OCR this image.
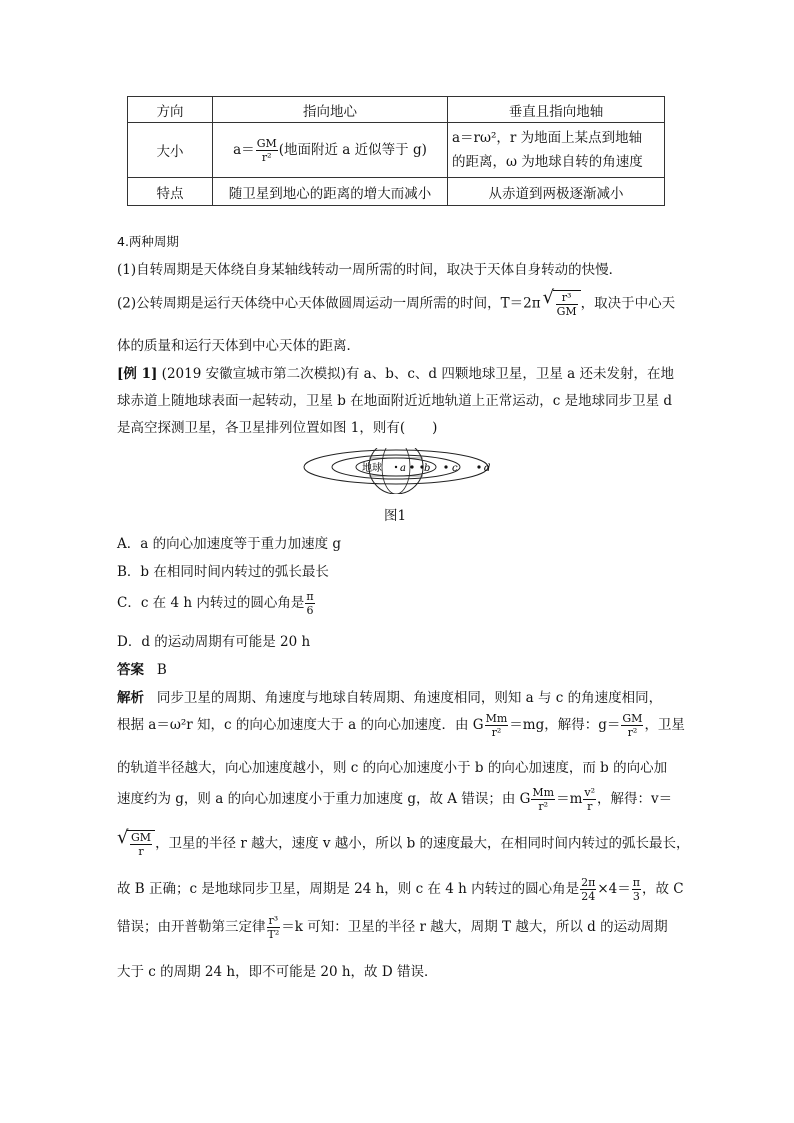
方向	指向地心	垂直且指向地轴
大小	$a= \frac{GM}{\text{r²}}$ (地面附近 a 近似等于 g)	a＝rω²，r 为地面上某点到地轴
的距离，ω 为地球自转的角速度
特点	随卫星到地心的距离的增大而减小	从赤道到两极逐渐减小
4.两种周期
(1)自转周期是天体绕自身某轴线转动一周所需的时间，取决于天体自身转动的快慢．
(2)公转周期是运行天体绕中心天体做圆周运动一周所需的时间，T＝2π √ $\frac{\text{r³}}{GM}$ ，取决于中心天
体的质量和运行天体到中心天体的距离．
[例 1] (2019 安徽宣城市第二次模拟)有 a、b、c、d 四颗地球卫星，卫星 a 还未发射，在地
球赤道上随地球表面一起转动，卫星 b 在地面附近近地轨道上正常运动，c 是地球同步卫星 d
是高空探测卫星，各卫星排列位置如图 1，则有(　　)
地球 a b c	d
图1
A．a 的向心加速度等于重力加速度 g
B．b 在相同时间内转过的弧长最长
C．c 在 4 h 内转过的圆心角是 $\frac{\pi}{6}$
D．d 的运动周期有可能是 20 h
答案 B
解析 同步卫星的周期、角速度与地球自转周期、角速度相同，则知 a 与 c 的角速度相同，
根据 a＝ω²r 知，c 的向心加速度大于 a 的向心加速度．由 G $\frac{Mm}{\text{r²}} =mg$，解得：$g= \frac{GM}{\text{r²}}$ ，卫星
的轨道半径越大，向心加速度越小，则 c 的向心加速度小于 b 的向心加速度，而 b 的向心加
速度约为 g，则 a 的向心加速度小于重力加速度 g，故 A 错误；由 G $\frac{Mm}{\text{r²}} =m \frac{\text{v²}}{r}$ ，解得：v＝
√ $\frac{GM}{r}$ ，卫星的半径 r 越大，速度 v 越小，所以 b 的速度最大，在相同时间内转过的弧长最长，
故 B 正确；c 是地球同步卫星，周期是 24 h，则 c 在 4 h 内转过的圆心角是 $\frac{2\pi}{24} \times 4= \frac{\pi}{3}$ ，故 C
错误；由开普勒第三定律 $\frac{\text{r³}}{\text{T²}} =k$ 可知：卫星的半径 r 越大，周期 T 越大，所以 d 的运动周期
大于 c 的周期 24 h，即不可能是 20 h，故 D 错误．
